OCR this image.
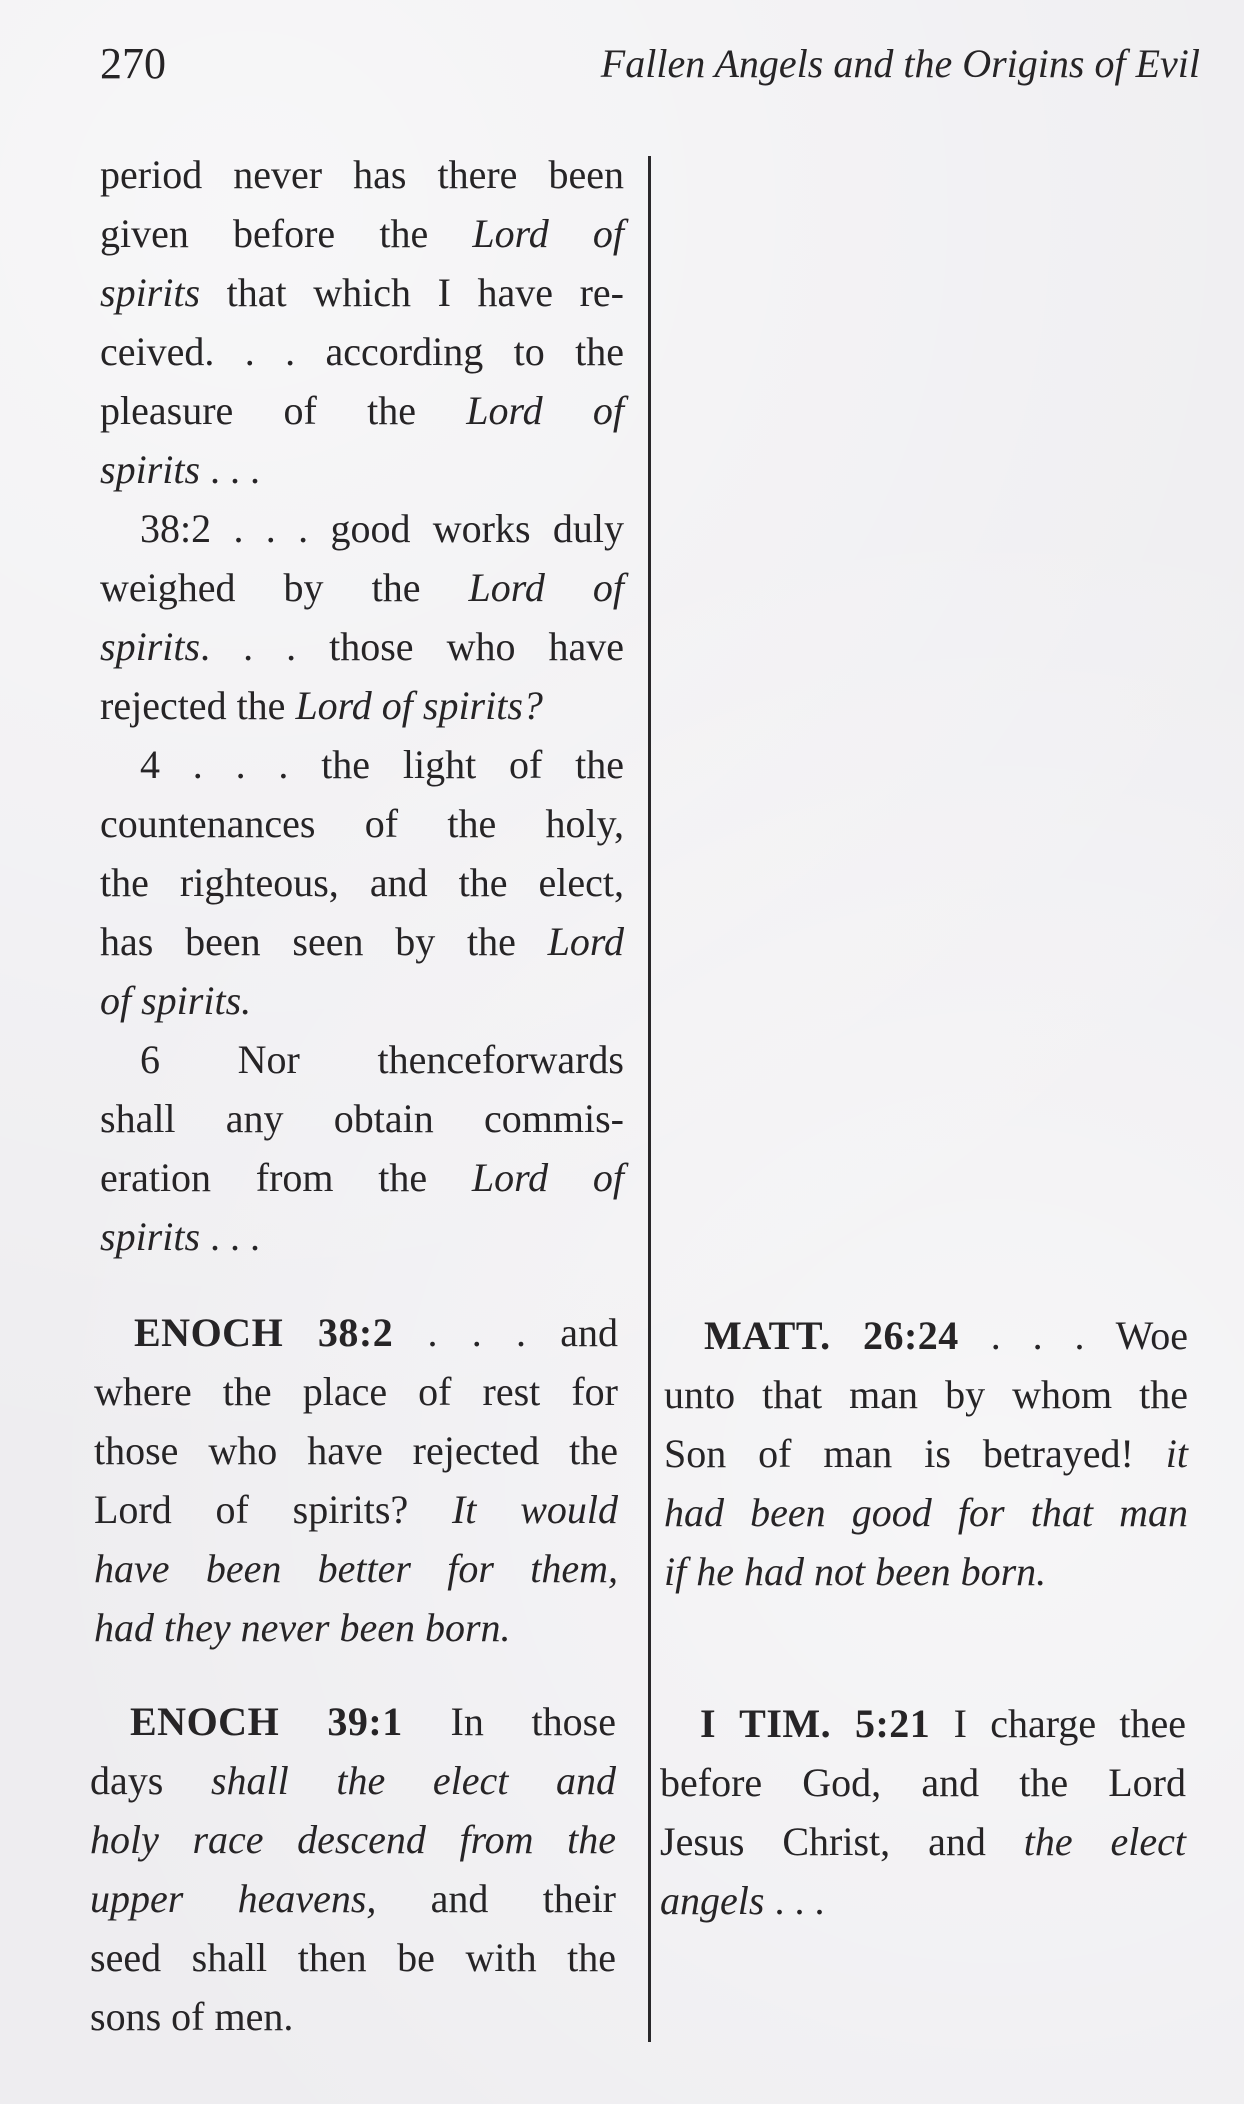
270	Fallen Angels and the Origins of Evil
period never has there been
given before the Lord of
spirits that which I have re-
ceived. . . according to the
pleasure of the Lord of
spirits . . .
38:2 . . . good works duly
weighed by the Lord of
spirits. . . those who have
rejected the Lord of spirits?
4 . . . the light of the
countenances of the holy,
the righteous, and the elect,
has been seen by the Lord
of spirits.
6 Nor thenceforwards
shall any obtain commis-
eration from the Lord of
spirits . . .
ENOCH 38:2 . . . and
where the place of rest for
those who have rejected the
Lord of spirits? It would
have been better for them,
had they never been born.
ENOCH 39:1 In those
days shall the elect and
holy race descend from the
upper heavens, and their
seed shall then be with the
sons of men.
MATT. 26:24 . . . Woe
unto that man by whom the
Son of man is betrayed! it
had been good for that man
if he had not been born.
I TIM. 5:21 I charge thee
before God, and the Lord
Jesus Christ, and the elect
angels . . .
